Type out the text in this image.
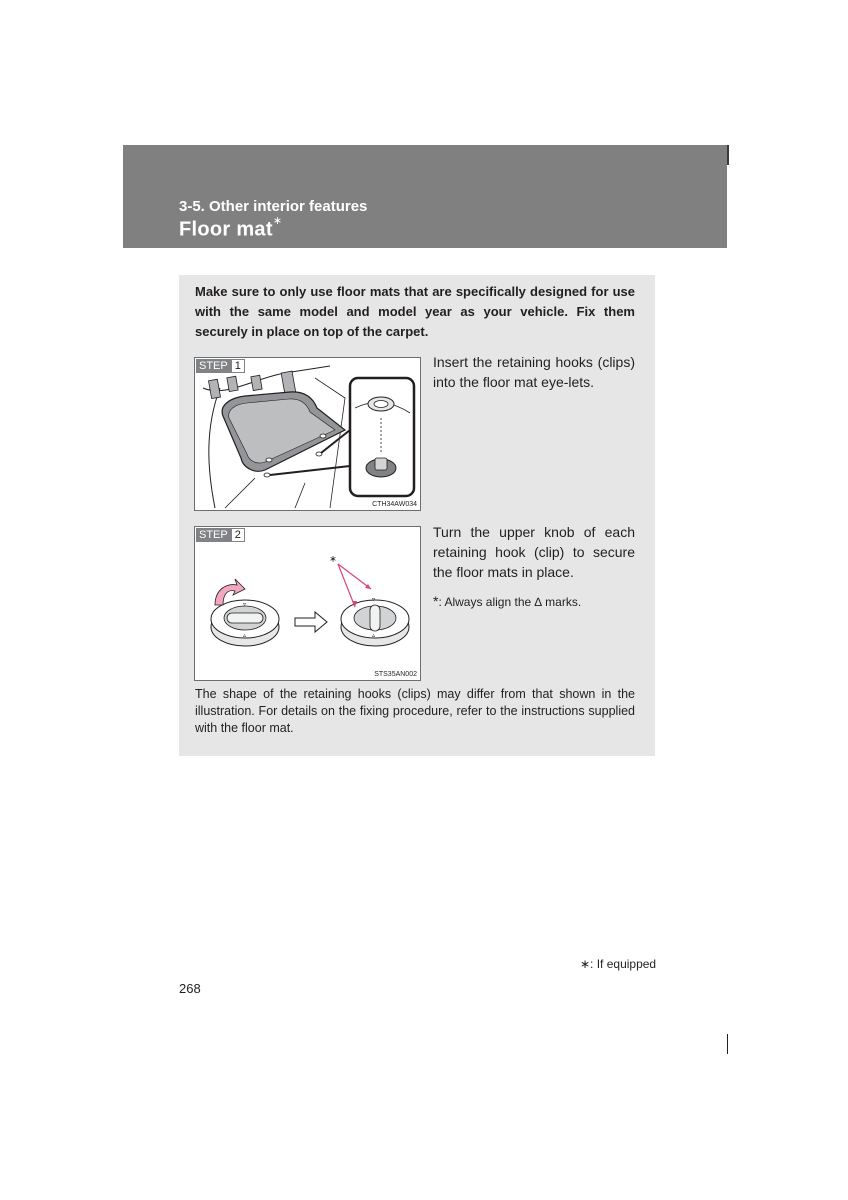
3-5. Other interior features
Floor mat∗
Make sure to only use floor mats that are specifically designed for use with the same model and model year as your vehicle. Fix them securely in place on top of the carpet.
STEP 1
CTH34AW034
Insert the retaining hooks (clips) into the floor mat eye-lets.
▿
▵
▿
▵
*
STEP 2
STS35AN002
Turn the upper knob of each retaining hook (clip) to secure the floor mats in place.
*: Always align the ∆ marks.
The shape of the retaining hooks (clips) may differ from that shown in the illustration. For details on the fixing procedure, refer to the instructions supplied with the floor mat.
∗: If equipped
268
